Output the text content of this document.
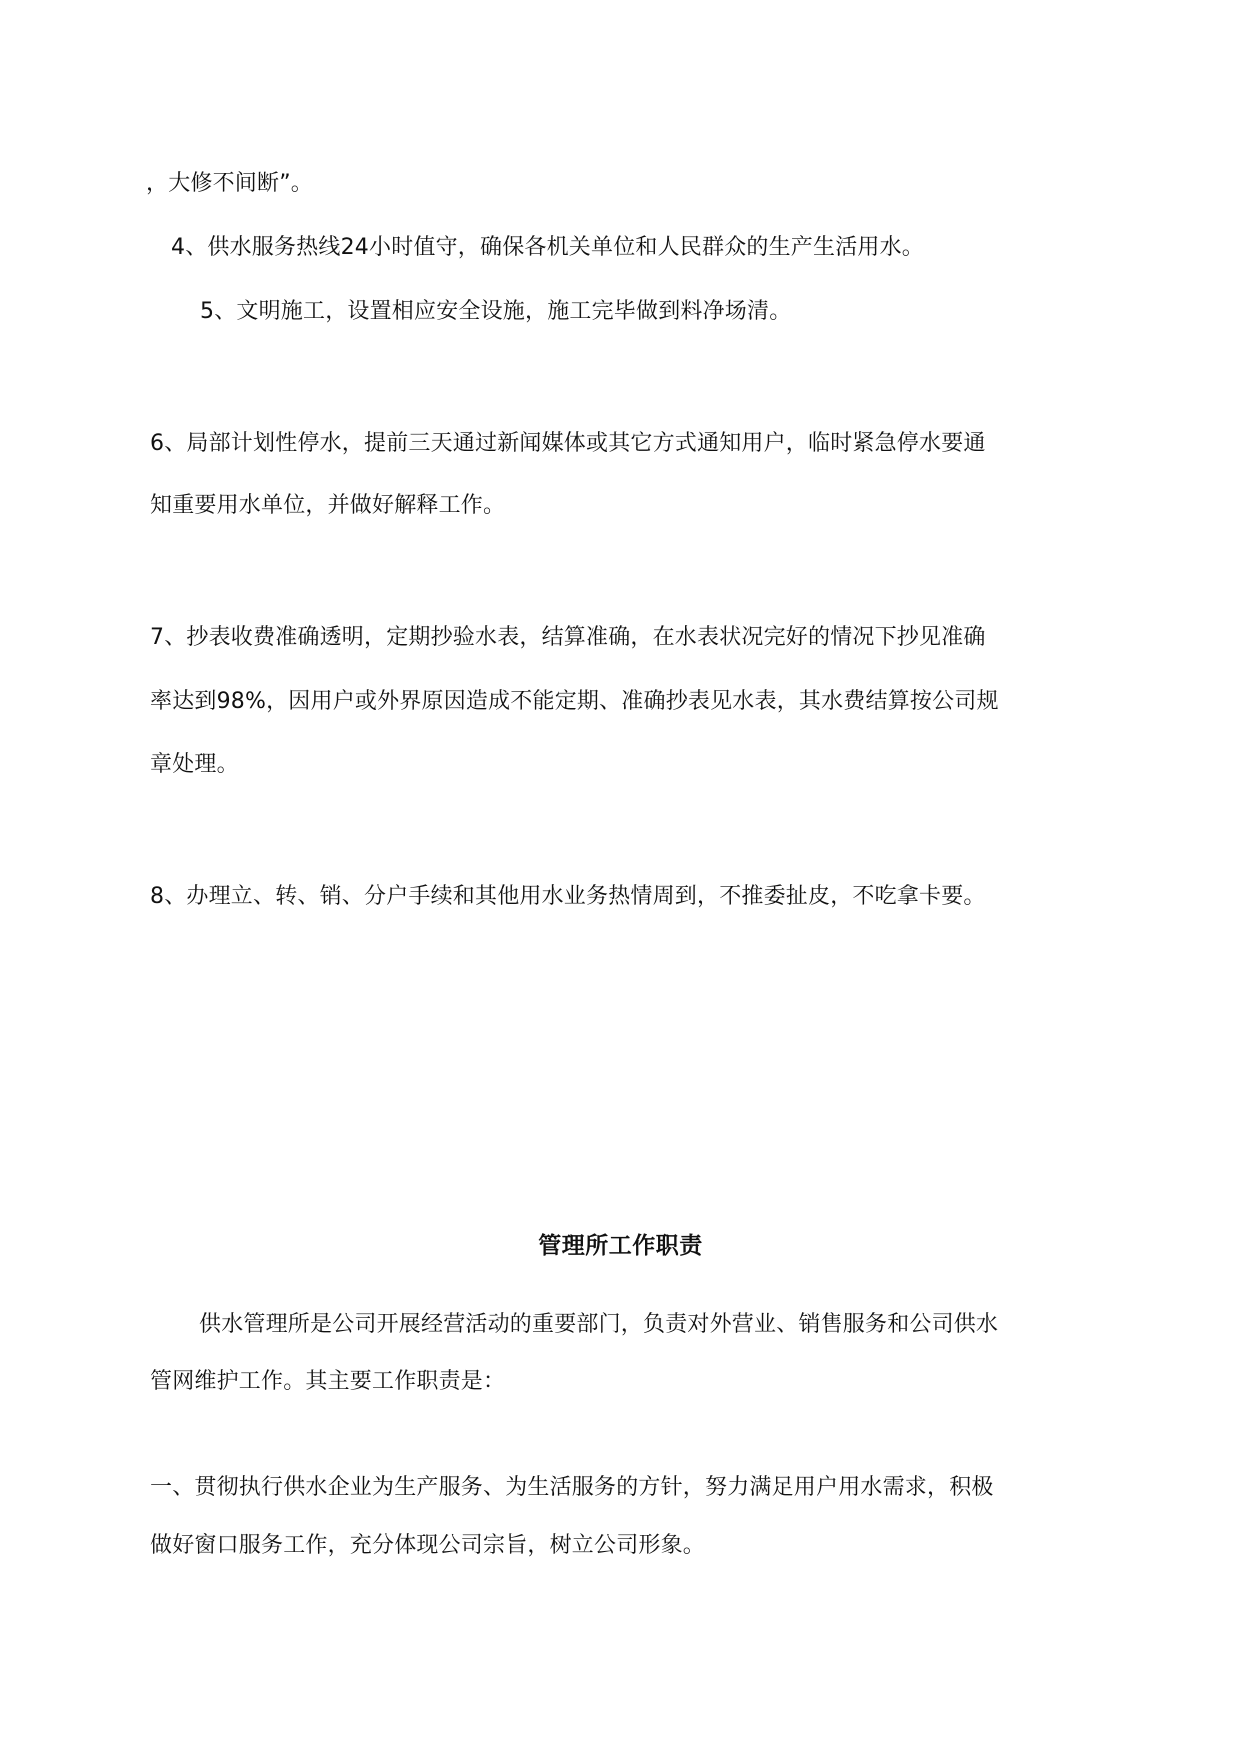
，大修不间断”。
4、供水服务热线24小时值守，确保各机关单位和人民群众的生产生活用水。
5、文明施工，设置相应安全设施，施工完毕做到料净场清。
6、局部计划性停水，提前三天通过新闻媒体或其它方式通知用户，临时紧急停水要通
知重要用水单位，并做好解释工作。
7、抄表收费准确透明，定期抄验水表，结算准确，在水表状况完好的情况下抄见准确
率达到98%，因用户或外界原因造成不能定期、准确抄表见水表，其水费结算按公司规
章处理。
8、办理立、转、销、分户手续和其他用水业务热情周到，不推委扯皮，不吃拿卡要。
管理所工作职责
供水管理所是公司开展经营活动的重要部门，负责对外营业、销售服务和公司供水
管网维护工作。其主要工作职责是：
一、贯彻执行供水企业为生产服务、为生活服务的方针，努力满足用户用水需求，积极
做好窗口服务工作，充分体现公司宗旨，树立公司形象。
